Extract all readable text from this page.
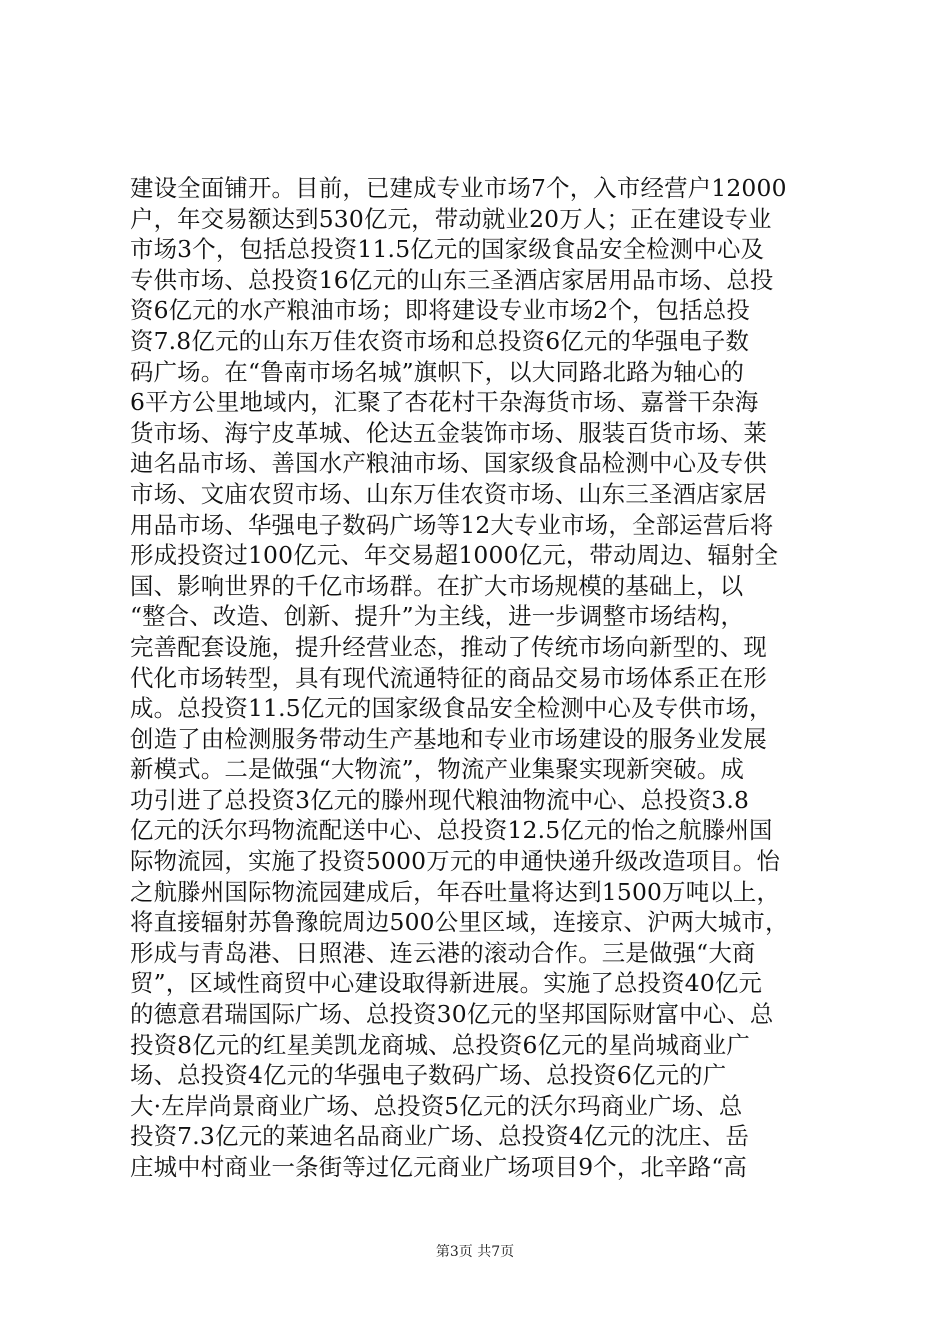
建设全面铺开。目前，已建成专业市场7个，入市经营户12000
户，年交易额达到530亿元，带动就业20万人；正在建设专业
市场3个，包括总投资11.5亿元的国家级食品安全检测中心及
专供市场、总投资16亿元的山东三圣酒店家居用品市场、总投
资6亿元的水产粮油市场；即将建设专业市场2个，包括总投
资7.8亿元的山东万佳农资市场和总投资6亿元的华强电子数
码广场。在“鲁南市场名城”旗帜下，以大同路北路为轴心的
6平方公里地域内，汇聚了杏花村干杂海货市场、嘉誉干杂海
货市场、海宁皮革城、伦达五金装饰市场、服装百货市场、莱
迪名品市场、善国水产粮油市场、国家级食品检测中心及专供
市场、文庙农贸市场、山东万佳农资市场、山东三圣酒店家居
用品市场、华强电子数码广场等12大专业市场，全部运营后将
形成投资过100亿元、年交易超1000亿元，带动周边、辐射全
国、影响世界的千亿市场群。在扩大市场规模的基础上，以
“整合、改造、创新、提升”为主线，进一步调整市场结构，
完善配套设施，提升经营业态，推动了传统市场向新型的、现
代化市场转型，具有现代流通特征的商品交易市场体系正在形
成。总投资11.5亿元的国家级食品安全检测中心及专供市场，
创造了由检测服务带动生产基地和专业市场建设的服务业发展
新模式。二是做强“大物流”，物流产业集聚实现新突破。成
功引进了总投资3亿元的滕州现代粮油物流中心、总投资3.8
亿元的沃尔玛物流配送中心、总投资12.5亿元的怡之航滕州国
际物流园，实施了投资5000万元的申通快递升级改造项目。怡
之航滕州国际物流园建成后，年吞吐量将达到1500万吨以上，
将直接辐射苏鲁豫皖周边500公里区域，连接京、沪两大城市，
形成与青岛港、日照港、连云港的滚动合作。三是做强“大商
贸”，区域性商贸中心建设取得新进展。实施了总投资40亿元
的德意君瑞国际广场、总投资30亿元的坚邦国际财富中心、总
投资8亿元的红星美凯龙商城、总投资6亿元的星尚城商业广
场、总投资4亿元的华强电子数码广场、总投资6亿元的广
大·左岸尚景商业广场、总投资5亿元的沃尔玛商业广场、总
投资7.3亿元的莱迪名品商业广场、总投资4亿元的沈庄、岳
庄城中村商业一条街等过亿元商业广场项目9个，北辛路“高
第3页 共7页
